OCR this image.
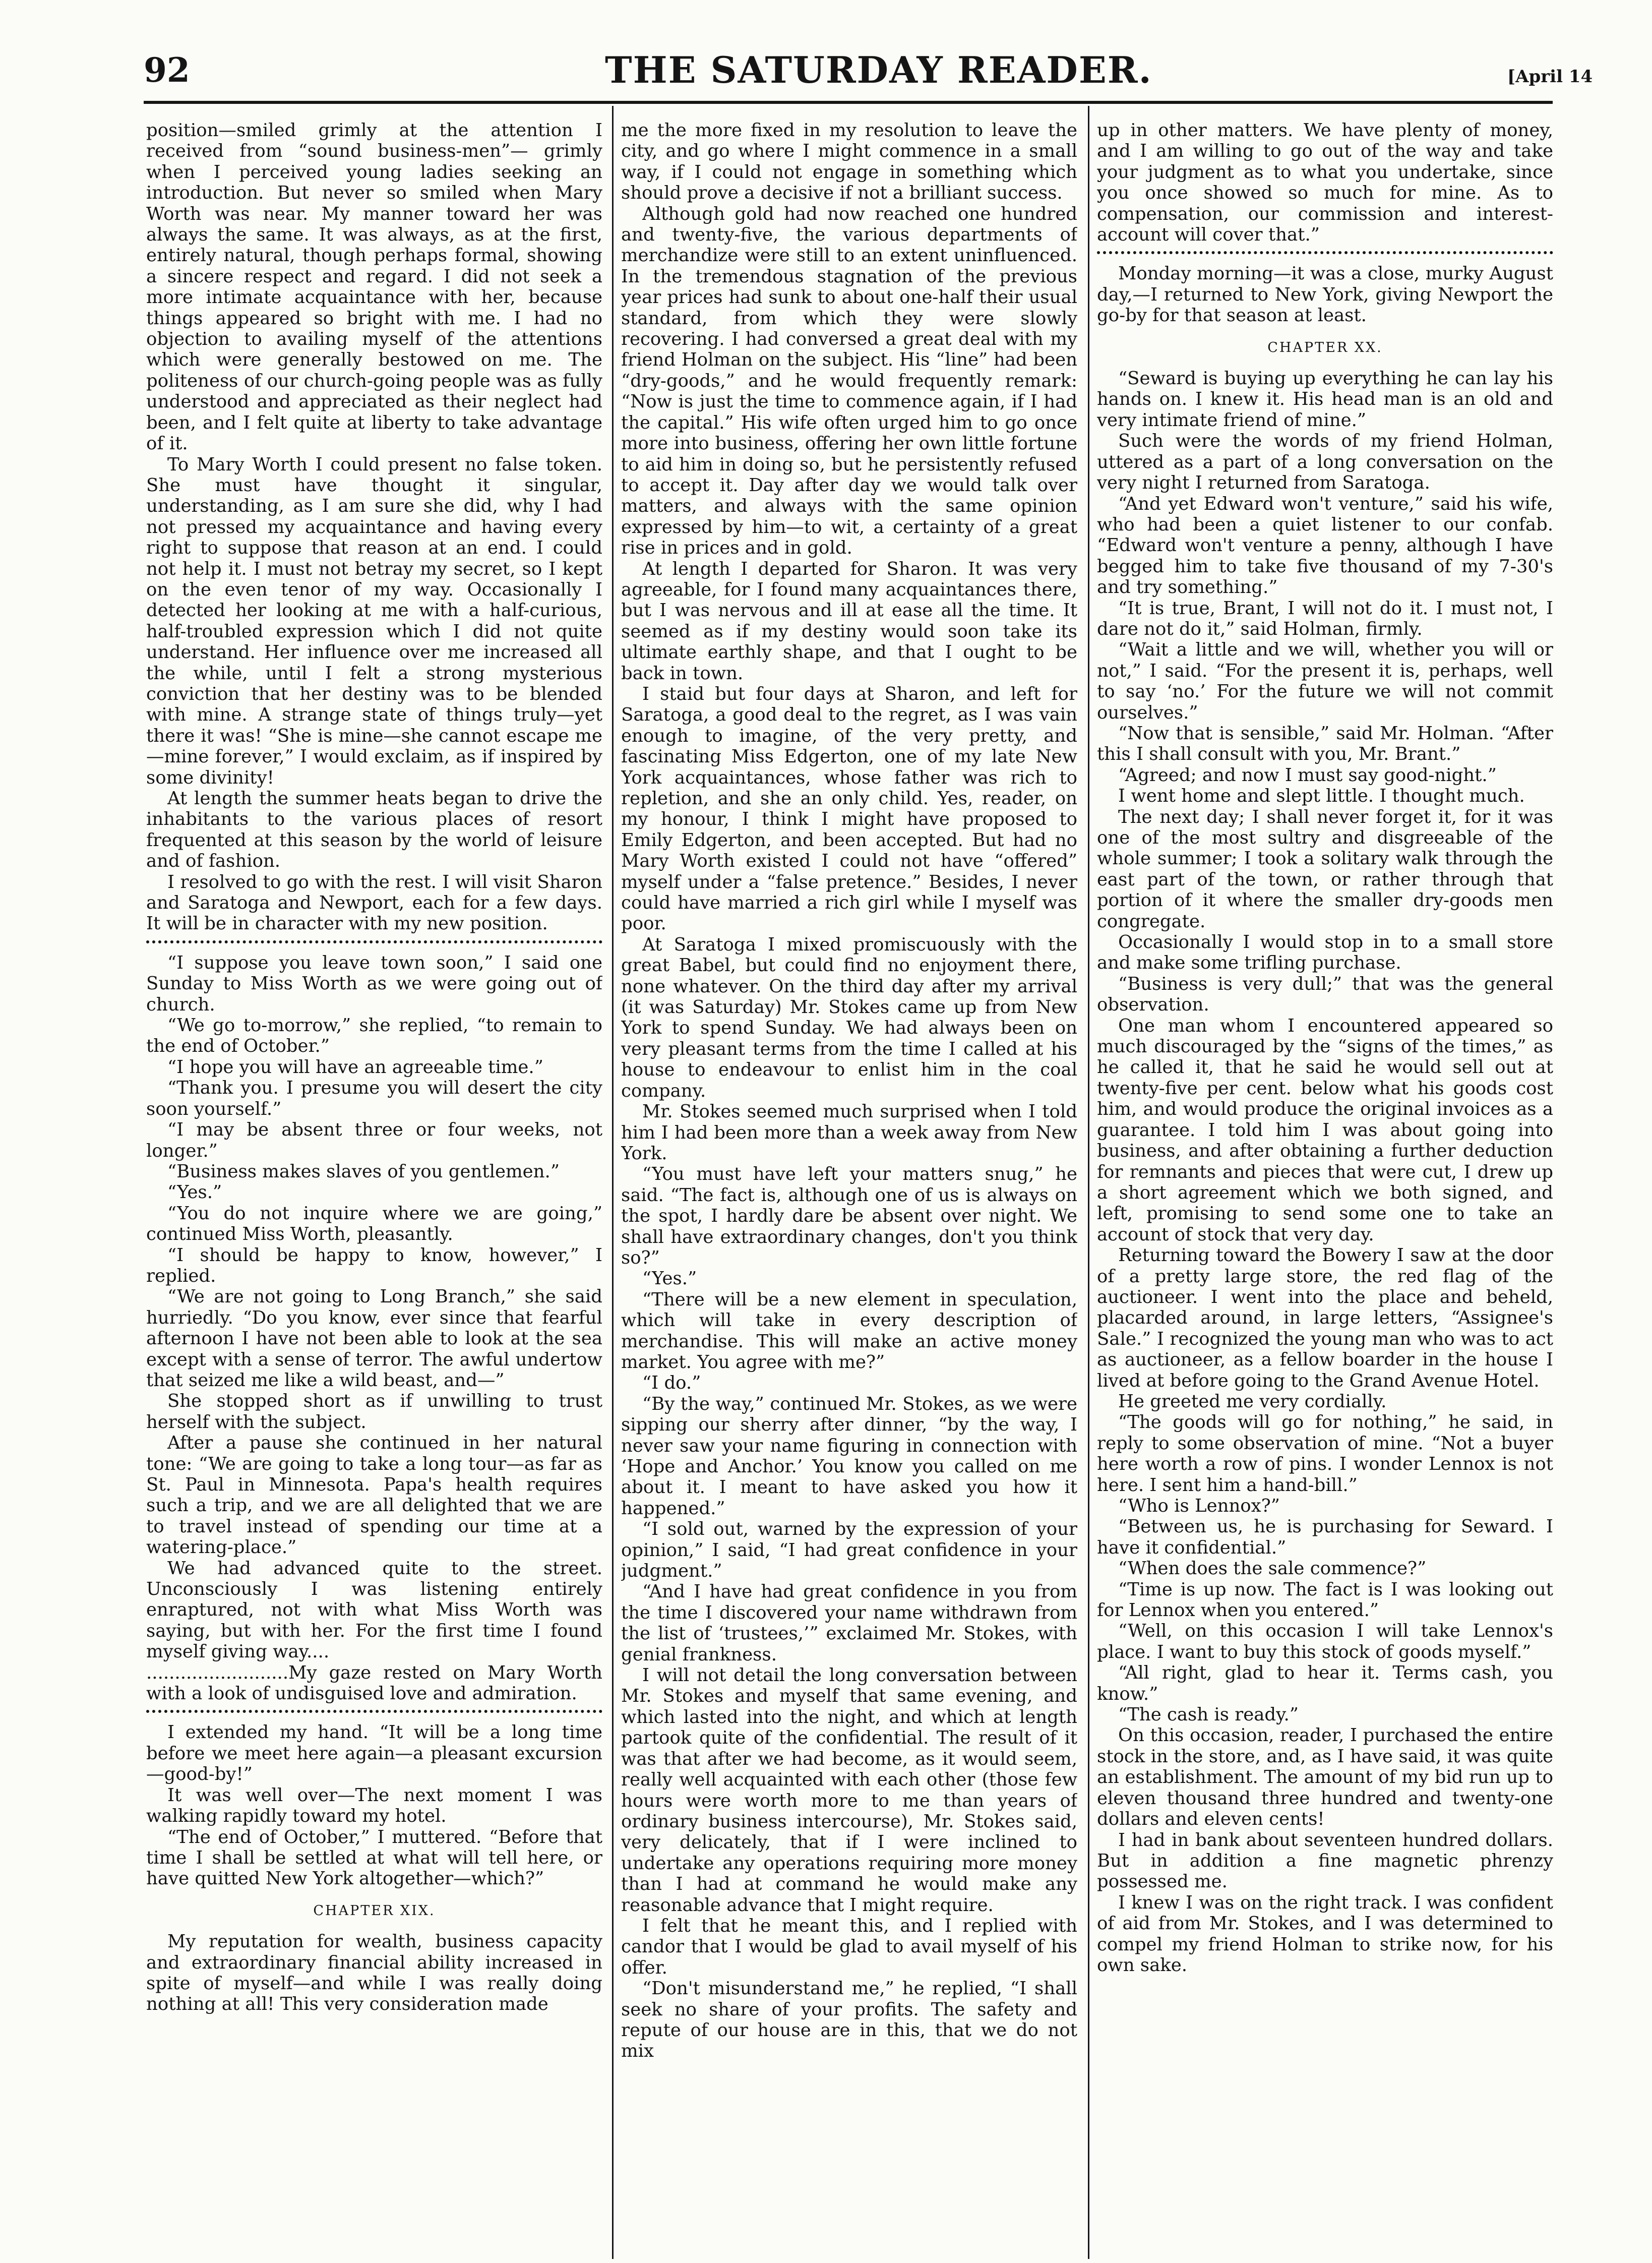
92	THE SATURDAY READER.	[April 14

position—smiled grimly at the attention I received from “sound business-men”— grimly when I perceived young ladies seeking an introduction. But never so smiled when Mary Worth was near. My manner toward her was always the same. It was always, as at the first, entirely natural, though perhaps formal, showing a sincere respect and regard. I did not seek a more intimate acquaintance with her, because things appeared so bright with me. I had no objection to availing myself of the attentions which were generally bestowed on me. The politeness of our church-going people was as fully understood and appreciated as their neglect had been, and I felt quite at liberty to take advantage of it.

To Mary Worth I could present no false token. She must have thought it singular, understanding, as I am sure she did, why I had not pressed my acquaintance and having every right to suppose that reason at an end. I could not help it. I must not betray my secret, so I kept on the even tenor of my way. Occasionally I detected her looking at me with a half-curious, half-troubled expression which I did not quite understand. Her influence over me increased all the while, until I felt a strong mysterious conviction that her destiny was to be blended with mine. A strange state of things truly—yet there it was! “She is mine—she cannot escape me—mine forever,” I would exclaim, as if inspired by some divinity!

At length the summer heats began to drive the inhabitants to the various places of resort frequented at this season by the world of leisure and of fashion.

I resolved to go with the rest. I will visit Sharon and Saratoga and Newport, each for a few days. It will be in character with my new position.

“I suppose you leave town soon,” I said one Sunday to Miss Worth as we were going out of church.

“We go to-morrow,” she replied, “to remain to the end of October.”

“I hope you will have an agreeable time.”

“Thank you. I presume you will desert the city soon yourself.”

“I may be absent three or four weeks, not longer.”

“Business makes slaves of you gentlemen.”

“Yes.”

“You do not inquire where we are going,” continued Miss Worth, pleasantly.

“I should be happy to know, however,” I replied.

“We are not going to Long Branch,” she said hurriedly. “Do you know, ever since that fearful afternoon I have not been able to look at the sea except with a sense of terror. The awful undertow that seized me like a wild beast, and—”

She stopped short as if unwilling to trust herself with the subject.

After a pause she continued in her natural tone: “We are going to take a long tour—as far as St. Paul in Minnesota. Papa's health requires such a trip, and we are all delighted that we are to travel instead of spending our time at a watering-place.”

We had advanced quite to the street. Unconsciously I was listening entirely enraptured, not with what Miss Worth was saying, but with her. For the first time I found myself giving way....

.........................My gaze rested on Mary Worth with a look of undisguised love and admiration.

I extended my hand. “It will be a long time before we meet here again—a pleasant excursion—good-by!”

It was well over—The next moment I was walking rapidly toward my hotel.

“The end of October,” I muttered. “Before that time I shall be settled at what will tell here, or have quitted New York altogether—which?”

CHAPTER XIX.

My reputation for wealth, business capacity and extraordinary financial ability increased in spite of myself—and while I was really doing nothing at all! This very consideration made

me the more fixed in my resolution to leave the city, and go where I might commence in a small way, if I could not engage in something which should prove a decisive if not a brilliant success.

Although gold had now reached one hundred and twenty-five, the various departments of merchandize were still to an extent uninfluenced. In the tremendous stagnation of the previous year prices had sunk to about one-half their usual standard, from which they were slowly recovering. I had conversed a great deal with my friend Holman on the subject. His “line” had been “dry-goods,” and he would frequently remark: “Now is just the time to commence again, if I had the capital.” His wife often urged him to go once more into business, offering her own little fortune to aid him in doing so, but he persistently refused to accept it. Day after day we would talk over matters, and always with the same opinion expressed by him—to wit, a certainty of a great rise in prices and in gold.

At length I departed for Sharon. It was very agreeable, for I found many acquaintances there, but I was nervous and ill at ease all the time. It seemed as if my destiny would soon take its ultimate earthly shape, and that I ought to be back in town.

I staid but four days at Sharon, and left for Saratoga, a good deal to the regret, as I was vain enough to imagine, of the very pretty, and fascinating Miss Edgerton, one of my late New York acquaintances, whose father was rich to repletion, and she an only child. Yes, reader, on my honour, I think I might have proposed to Emily Edgerton, and been accepted. But had no Mary Worth existed I could not have “offered” myself under a “false pretence.” Besides, I never could have married a rich girl while I myself was poor.

At Saratoga I mixed promiscuously with the great Babel, but could find no enjoyment there, none whatever. On the third day after my arrival (it was Saturday) Mr. Stokes came up from New York to spend Sunday. We had always been on very pleasant terms from the time I called at his house to endeavour to enlist him in the coal company.

Mr. Stokes seemed much surprised when I told him I had been more than a week away from New York.

“You must have left your matters snug,” he said. “The fact is, although one of us is always on the spot, I hardly dare be absent over night. We shall have extraordinary changes, don't you think so?”

“Yes.”

“There will be a new element in speculation, which will take in every description of merchandise. This will make an active money market. You agree with me?”

“I do.”

“By the way,” continued Mr. Stokes, as we were sipping our sherry after dinner, “by the way, I never saw your name figuring in connection with ‘Hope and Anchor.’ You know you called on me about it. I meant to have asked you how it happened.”

“I sold out, warned by the expression of your opinion,” I said, “I had great confidence in your judgment.”

“And I have had great confidence in you from the time I discovered your name withdrawn from the list of ‘trustees,’” exclaimed Mr. Stokes, with genial frankness.

I will not detail the long conversation between Mr. Stokes and myself that same evening, and which lasted into the night, and which at length partook quite of the confidential. The result of it was that after we had become, as it would seem, really well acquainted with each other (those few hours were worth more to me than years of ordinary business intercourse), Mr. Stokes said, very delicately, that if I were inclined to undertake any operations requiring more money than I had at command he would make any reasonable advance that I might require.

I felt that he meant this, and I replied with candor that I would be glad to avail myself of his offer.

“Don't misunderstand me,” he replied, “I shall seek no share of your profits. The safety and repute of our house are in this, that we do not mix

up in other matters. We have plenty of money, and I am willing to go out of the way and take your judgment as to what you undertake, since you once showed so much for mine. As to compensation, our commission and interest-account will cover that.”

Monday morning—it was a close, murky August day,—I returned to New York, giving Newport the go-by for that season at least.

CHAPTER XX.

“Seward is buying up everything he can lay his hands on. I knew it. His head man is an old and very intimate friend of mine.”

Such were the words of my friend Holman, uttered as a part of a long conversation on the very night I returned from Saratoga.

“And yet Edward won't venture,” said his wife, who had been a quiet listener to our confab. “Edward won't venture a penny, although I have begged him to take five thousand of my 7-30's and try something.”

“It is true, Brant, I will not do it. I must not, I dare not do it,” said Holman, firmly.

“Wait a little and we will, whether you will or not,” I said. “For the present it is, perhaps, well to say ‘no.’ For the future we will not commit ourselves.”

“Now that is sensible,” said Mr. Holman. “After this I shall consult with you, Mr. Brant.”

“Agreed; and now I must say good-night.”

I went home and slept little. I thought much.

The next day; I shall never forget it, for it was one of the most sultry and disgreeable of the whole summer; I took a solitary walk through the east part of the town, or rather through that portion of it where the smaller dry-goods men congregate.

Occasionally I would stop in to a small store and make some trifling purchase.

“Business is very dull;” that was the general observation.

One man whom I encountered appeared so much discouraged by the “signs of the times,” as he called it, that he said he would sell out at twenty-five per cent. below what his goods cost him, and would produce the original invoices as a guarantee. I told him I was about going into business, and after obtaining a further deduction for remnants and pieces that were cut, I drew up a short agreement which we both signed, and left, promising to send some one to take an account of stock that very day.

Returning toward the Bowery I saw at the door of a pretty large store, the red flag of the auctioneer. I went into the place and beheld, placarded around, in large letters, “Assignee's Sale.” I recognized the young man who was to act as auctioneer, as a fellow boarder in the house I lived at before going to the Grand Avenue Hotel.

He greeted me very cordially.

“The goods will go for nothing,” he said, in reply to some observation of mine. “Not a buyer here worth a row of pins. I wonder Lennox is not here. I sent him a hand-bill.”

“Who is Lennox?”

“Between us, he is purchasing for Seward. I have it confidential.”

“When does the sale commence?”

“Time is up now. The fact is I was looking out for Lennox when you entered.”

“Well, on this occasion I will take Lennox's place. I want to buy this stock of goods myself.”

“All right, glad to hear it. Terms cash, you know.”

“The cash is ready.”

On this occasion, reader, I purchased the entire stock in the store, and, as I have said, it was quite an establishment. The amount of my bid run up to eleven thousand three hundred and twenty-one dollars and eleven cents!

I had in bank about seventeen hundred dollars. But in addition a fine magnetic phrenzy possessed me.

I knew I was on the right track. I was confident of aid from Mr. Stokes, and I was determined to compel my friend Holman to strike now, for his own sake.
